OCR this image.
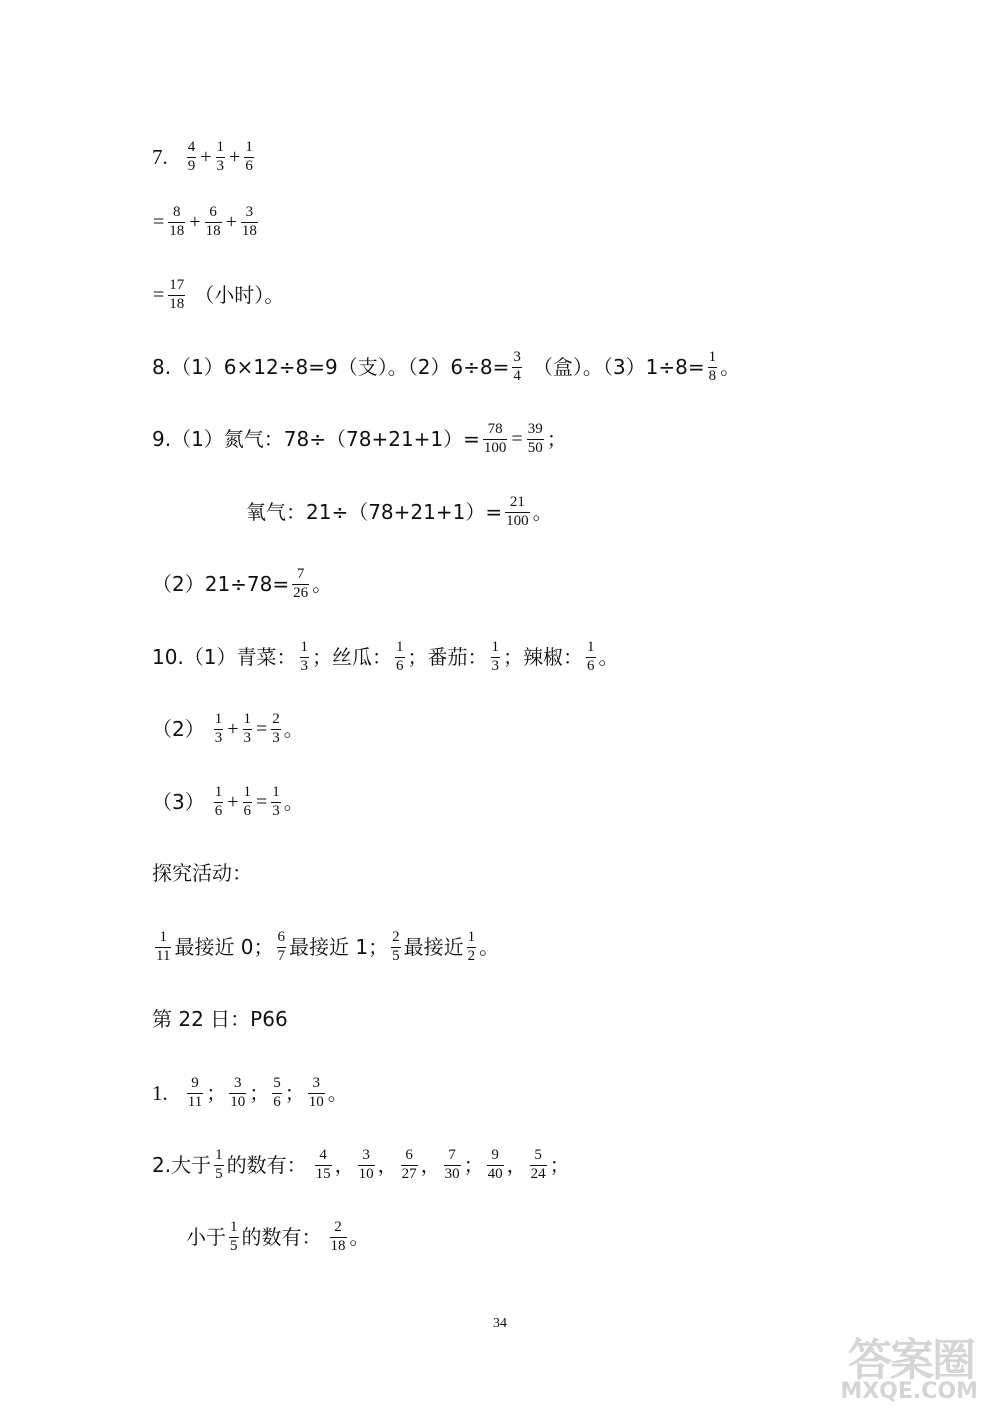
7. $\frac{4}{9} + \frac{1}{3} + \frac{1}{6}$
= $\frac{8}{18} + \frac{6}{18} + \frac{3}{18}$
= $\frac{17}{18}$ （小时）。
8.（1）6×12÷8=9（支）。$(2)6\div 8= \frac{3}{4}$ （盒）。$(3)1\div 8= \frac{1}{8}$ 。
9.（1）氮气：$78\div(78+21+1)= \frac{78}{100} = \frac{39}{50}$ ；
氧气：$21\div(78+21+1)= \frac{21}{100}$ 。
$(2)21\div 78= \frac{7}{26}$ 。
10.（1）青菜： $\frac{1}{3}$ ；丝瓜： $\frac{1}{6}$ ；番茄： $\frac{1}{3}$ ；辣椒： $\frac{1}{6}$ 。
$(2) \frac{1}{3} + \frac{1}{3} = \frac{2}{3}$ 。
$(3) \frac{1}{6} + \frac{1}{6} = \frac{1}{3}$ 。
探究活动：
$\frac{1}{11}$ 最接近 0； $\frac{6}{7}$ 最接近 1； $\frac{2}{5}$ 最接近 $\frac{1}{2}$ 。
第 22 日：P66
1. $\frac{9}{11}$ ； $\frac{3}{10}$ ； $\frac{5}{6}$ ； $\frac{3}{10}$ 。
2.大于 $\frac{1}{5}$ 的数有： $\frac{4}{15}$ ， $\frac{3}{10}$ ， $\frac{6}{27}$ ， $\frac{7}{30}$ ； $\frac{9}{40}$ ， $\frac{5}{24}$ ；
小于 $\frac{1}{5}$ 的数有： $\frac{2}{18}$ 。
34
答案圈
MXQE.COM
